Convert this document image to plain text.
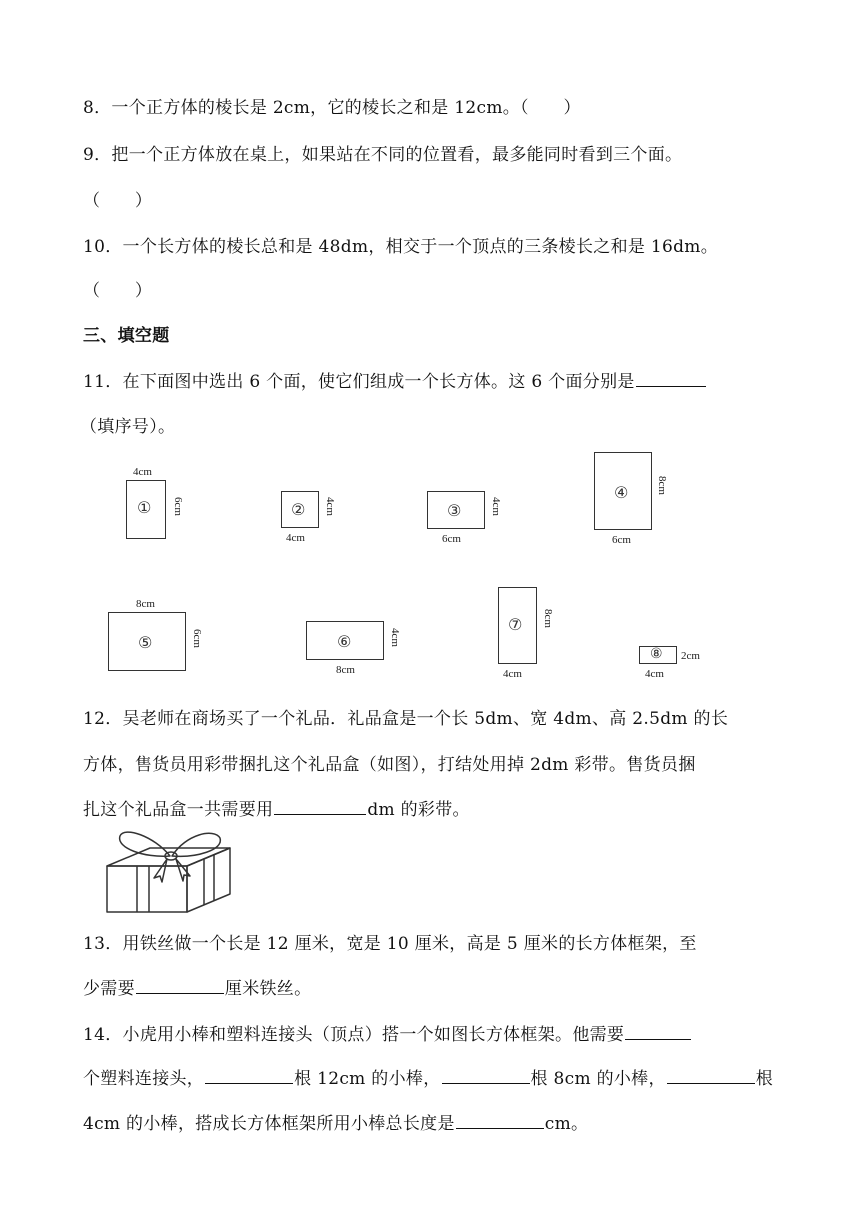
8．一个正方体的棱长是 2cm，它的棱长之和是 12cm。（　　）
9．把一个正方体放在桌上，如果站在不同的位置看，最多能同时看到三个面。
（　　）
10．一个长方体的棱长总和是 48dm，相交于一个顶点的三条棱长之和是 16dm。
（　　）
三、填空题
11．在下面图中选出 6 个面，使它们组成一个长方体。这 6 个面分别是
（填序号）。
4cm
① 6cm	② 4cm
4cm
③	4cm
6cm
④	8cm
6cm
8cm
⑤	6cm	⑥	4cm
8cm
⑦ 8cm
4cm
⑧ 2cm
4cm
12．吴老师在商场买了一个礼品．礼品盒是一个长 5dm、宽 4dm、高 2.5dm 的长
方体，售货员用彩带捆扎这个礼品盒（如图），打结处用掉 2dm 彩带。售货员捆
扎这个礼品盒一共需要用	dm 的彩带。
13．用铁丝做一个长是 12 厘米，宽是 10 厘米，高是 5 厘米的长方体框架，至
少需要	厘米铁丝。
14．小虎用小棒和塑料连接头（顶点）搭一个如图长方体框架。他需要
个塑料连接头，	根 12cm 的小棒，	根 8cm 的小棒，	根
4cm 的小棒，搭成长方体框架所用小棒总长度是	cm。
